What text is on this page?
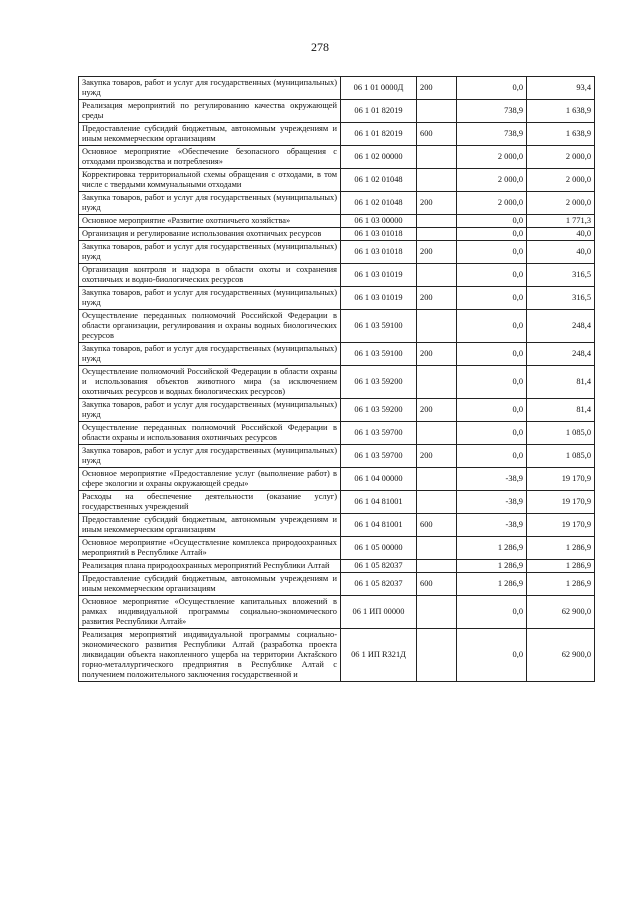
278
Закупка товаров, работ и услуг для государственных (муниципальных) нужд	06 1 01 0000Д	200	0,0	93,4
Реализация мероприятий по регулированию качества окружающей среды	06 1 01 82019		738,9	1 638,9
Предоставление субсидий бюджетным, автономным учреждениям и иным некоммерческим организациям	06 1 01 82019	600	738,9	1 638,9
Основное мероприятие «Обеспечение безопасного обращения с отходами производства и потребления»	06 1 02 00000		2 000,0	2 000,0
Корректировка территориальной схемы обращения с отходами, в том числе с твердыми коммунальными отходами	06 1 02 01048		2 000,0	2 000,0
Закупка товаров, работ и услуг для государственных (муниципальных) нужд	06 1 02 01048	200	2 000,0	2 000,0
Основное мероприятие «Развитие охотничьего хозяйства»	06 1 03 00000		0,0	1 771,3
Организация и регулирование использования охотничьих ресурсов	06 1 03 01018		0,0	40,0
Закупка товаров, работ и услуг для государственных (муниципальных) нужд	06 1 03 01018	200	0,0	40,0
Организация контроля и надзора в области охоты и сохранения охотничьих и водно-биологических ресурсов	06 1 03 01019		0,0	316,5
Закупка товаров, работ и услуг для государственных (муниципальных) нужд	06 1 03 01019	200	0,0	316,5
Осуществление переданных полномочий Российской Федерации в области организации, регулирования и охраны водных биологических ресурсов	06 1 03 59100		0,0	248,4
Закупка товаров, работ и услуг для государственных (муниципальных) нужд	06 1 03 59100	200	0,0	248,4
Осуществление полномочий Российской Федерации в области охраны и использования объектов животного мира (за исключением охотничьих ресурсов и водных биологических ресурсов)	06 1 03 59200		0,0	81,4
Закупка товаров, работ и услуг для государственных (муниципальных) нужд	06 1 03 59200	200	0,0	81,4
Осуществление переданных полномочий Российской Федерации в области охраны и использования охотничьих ресурсов	06 1 03 59700		0,0	1 085,0
Закупка товаров, работ и услуг для государственных (муниципальных) нужд	06 1 03 59700	200	0,0	1 085,0
Основное мероприятие «Предоставление услуг (выполнение работ) в сфере экологии и охраны окружающей среды»	06 1 04 00000		-38,9	19 170,9
Расходы на обеспечение деятельности (оказание услуг) государственных учреждений	06 1 04 81001		-38,9	19 170,9
Предоставление субсидий бюджетным, автономным учреждениям и иным некоммерческим организациям	06 1 04 81001	600	-38,9	19 170,9
Основное мероприятие «Осуществление комплекса природоохранных мероприятий в Республике Алтай»	06 1 05 00000		1 286,9	1 286,9
Реализация плана природоохранных мероприятий Республики Алтай	06 1 05 82037		1 286,9	1 286,9
Предоставление субсидий бюджетным, автономным учреждениям и иным некоммерческим организациям	06 1 05 82037	600	1 286,9	1 286,9
Основное мероприятие «Осуществление капитальных вложений в рамках индивидуальной программы социально-экономического развития Республики Алтай»	06 1 ИП 00000		0,0	62 900,0
Реализация мероприятий индивидуальной программы социально-экономического развития Республики Алтай (разработка проекта ликвидации объекта накопленного ущерба на территории Актašского горно-металлургического предприятия в Республике Алтай с получением положительного заключения государственной и	06 1 ИП R321Д		0,0	62 900,0
